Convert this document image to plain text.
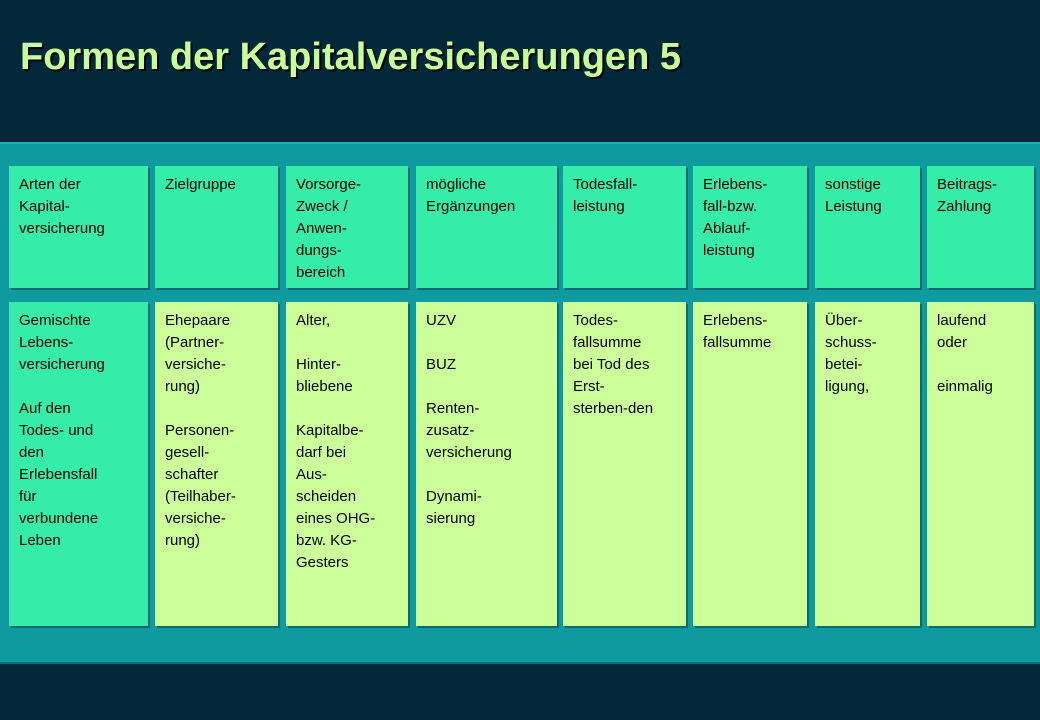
Formen der Kapitalversicherungen 5
Arten der
Kapital-
versicherung
Zielgruppe	Vorsorge-
Zweck /
Anwen-
dungs-
bereich
mögliche
Ergänzungen
Todesfall-
leistung
Erlebens-
fall-bzw.
Ablauf-
leistung
sonstige
Leistung
Beitrags-
Zahlung
Gemischte
Lebens-
versicherung

Auf den
Todes- und
den
Erlebensfall
für
verbundene
Leben
Ehepaare
(Partner-
versiche-
rung)

Personen-
gesell-
schafter
(Teilhaber-
versiche-
rung)
Alter,

Hinter-
bliebene

Kapitalbe-
darf bei
Aus-
scheiden
eines OHG-
bzw. KG-
Gesters
UZV

BUZ

Renten-
zusatz-
versicherung

Dynami-
sierung
Todes-
fallsumme
bei Tod des
Erst-
sterben-den
Erlebens-
fallsumme
Über-
schuss-
betei-
ligung,
laufend
oder

einmalig
